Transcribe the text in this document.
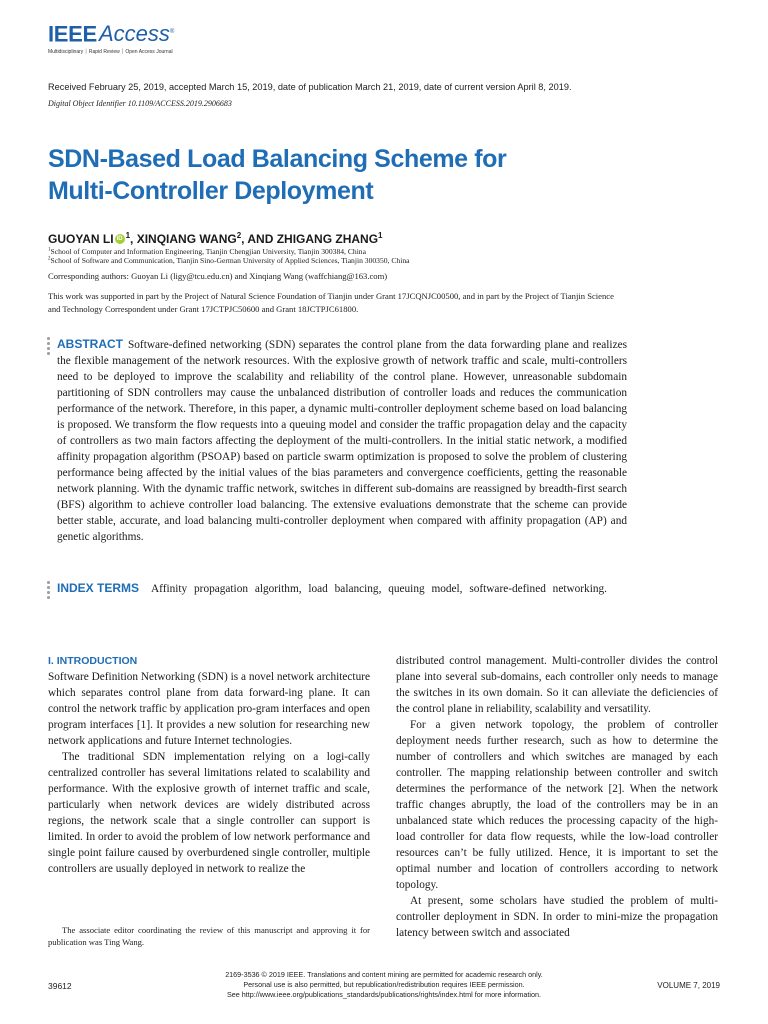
IEEEAccess®
Multidisciplinary ⏐ Rapid Review ⏐ Open Access Journal
Received February 25, 2019, accepted March 15, 2019, date of publication March 21, 2019, date of current version April 8, 2019.
Digital Object Identifier 10.1109/ACCESS.2019.2906683
SDN-Based Load Balancing Scheme for
Multi-Controller Deployment
GUOYAN LI iD $^1$, XINQIANG WANG$^2$, AND ZHIGANG ZHANG$^1$
$^1$School of Computer and Information Engineering, Tianjin Chengjian University, Tianjin 300384, China
$^2$School of Software and Communication, Tianjin Sino-German University of Applied Sciences, Tianjin 300350, China
Corresponding authors: Guoyan Li (ligy@tcu.edu.cn) and Xinqiang Wang (waffchiang@163.com)
This work was supported in part by the Project of Natural Science Foundation of Tianjin under Grant 17JCQNJC00500, and in part by the Project of Tianjin Science and Technology Correspondent under Grant 17JCTPJC50600 and Grant 18JCTPJC61800.
ABSTRACT Software-defined networking (SDN) separates the control plane from the data forwarding plane and realizes the flexible management of the network resources. With the explosive growth of network traffic and scale, multi-controllers need to be deployed to improve the scalability and reliability of the control plane. However, unreasonable subdomain partitioning of SDN controllers may cause the unbalanced distribution of controller loads and reduces the communication performance of the network. Therefore, in this paper, a dynamic multi-controller deployment scheme based on load balancing is proposed. We transform the flow requests into a queuing model and consider the traffic propagation delay and the capacity of controllers as two main factors affecting the deployment of the multi-controllers. In the initial static network, a modified affinity propagation algorithm (PSOAP) based on particle swarm optimization is proposed to solve the problem of clustering performance being affected by the initial values of the bias parameters and convergence coefficients, getting the reasonable network planning. With the dynamic traffic network, switches in different sub-domains are reassigned by breadth-first search (BFS) algorithm to achieve controller load balancing. The extensive evaluations demonstrate that the scheme can provide better stable, accurate, and load balancing multi-controller deployment when compared with affinity propagation (AP) and genetic algorithms.
INDEX TERMS Affinity propagation algorithm, load balancing, queuing model, software-defined networking.
I. INTRODUCTION

Software Definition Networking (SDN) is a novel network architecture which separates control plane from data forward-ing plane. It can control the network traffic by application pro-gram interfaces and open program interfaces [1]. It provides a new solution for researching new network applications and future Internet technologies.

The traditional SDN implementation relying on a logi-cally centralized controller has several limitations related to scalability and performance. With the explosive growth of internet traffic and scale, particularly when network devices are widely distributed across regions, the network scale that a single controller can support is limited. In order to avoid the problem of low network performance and single point failure caused by overburdened single controller, multiple controllers are usually deployed in network to realize the

distributed control management. Multi-controller divides the control plane into several sub-domains, each controller only needs to manage the switches in its own domain. So it can alleviate the deficiencies of the control plane in reliability, scalability and versatility.

For a given network topology, the problem of controller deployment needs further research, such as how to determine the number of controllers and which switches are managed by each controller. The mapping relationship between controller and switch determines the performance of the network [2]. When the network traffic changes abruptly, the load of the controllers may be in an unbalanced state which reduces the processing capacity of the high-load controller for data flow requests, while the low-load controller resources can’t be fully utilized. Hence, it is important to set the optimal number and location of controllers according to network topology.

At present, some scholars have studied the problem of multi-controller deployment in SDN. In order to mini-mize the propagation latency between switch and associated

The associate editor coordinating the review of this manuscript and approving it for publication was Ting Wang.

39612
2169-3536 © 2019 IEEE. Translations and content mining are permitted for academic research only.
Personal use is also permitted, but republication/redistribution requires IEEE permission.
See http://www.ieee.org/publications_standards/publications/rights/index.html for more information.
VOLUME 7, 2019
